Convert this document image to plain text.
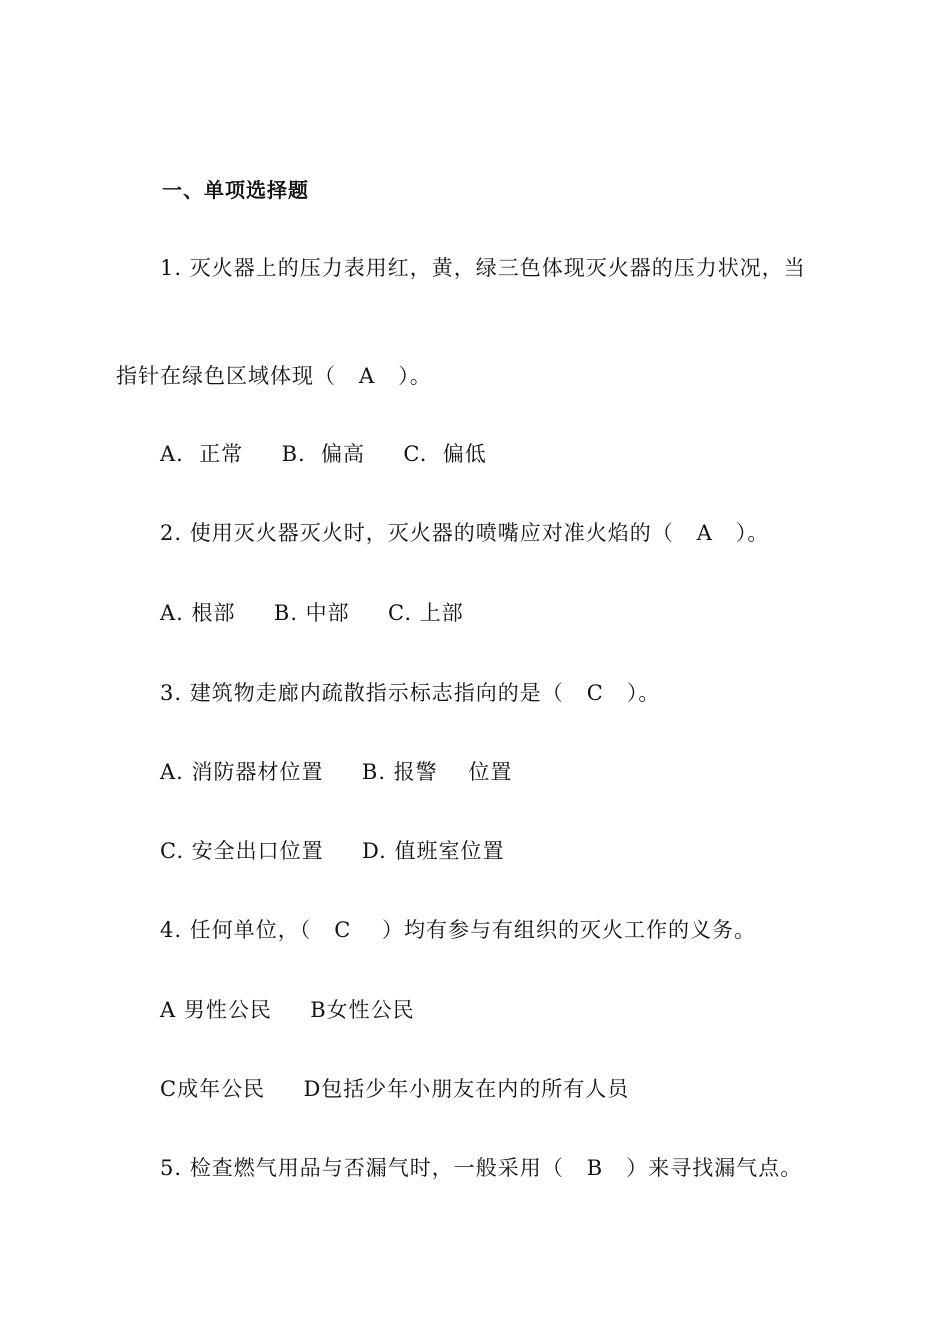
一、单项选择题
1. 灭火器上的压力表用红，黄，绿三色体现灭火器的压力状况，当
指针在绿色区域体现（   A   ）。
A.  正常     B.  偏高     C.  偏低
2. 使用灭火器灭火时，灭火器的喷嘴应对准火焰的（   A   ）。
A. 根部     B. 中部     C. 上部
3. 建筑物走廊内疏散指示标志指向的是（   C   ）。
A. 消防器材位置     B. 报警    位置
C. 安全出口位置     D. 值班室位置
4. 任何单位，（   C    ）均有参与有组织的灭火工作的义务。
A 男性公民     B女性公民
C成年公民     D包括少年小朋友在内的所有人员
5. 检查燃气用品与否漏气时，一般采用（   B   ）来寻找漏气点。
